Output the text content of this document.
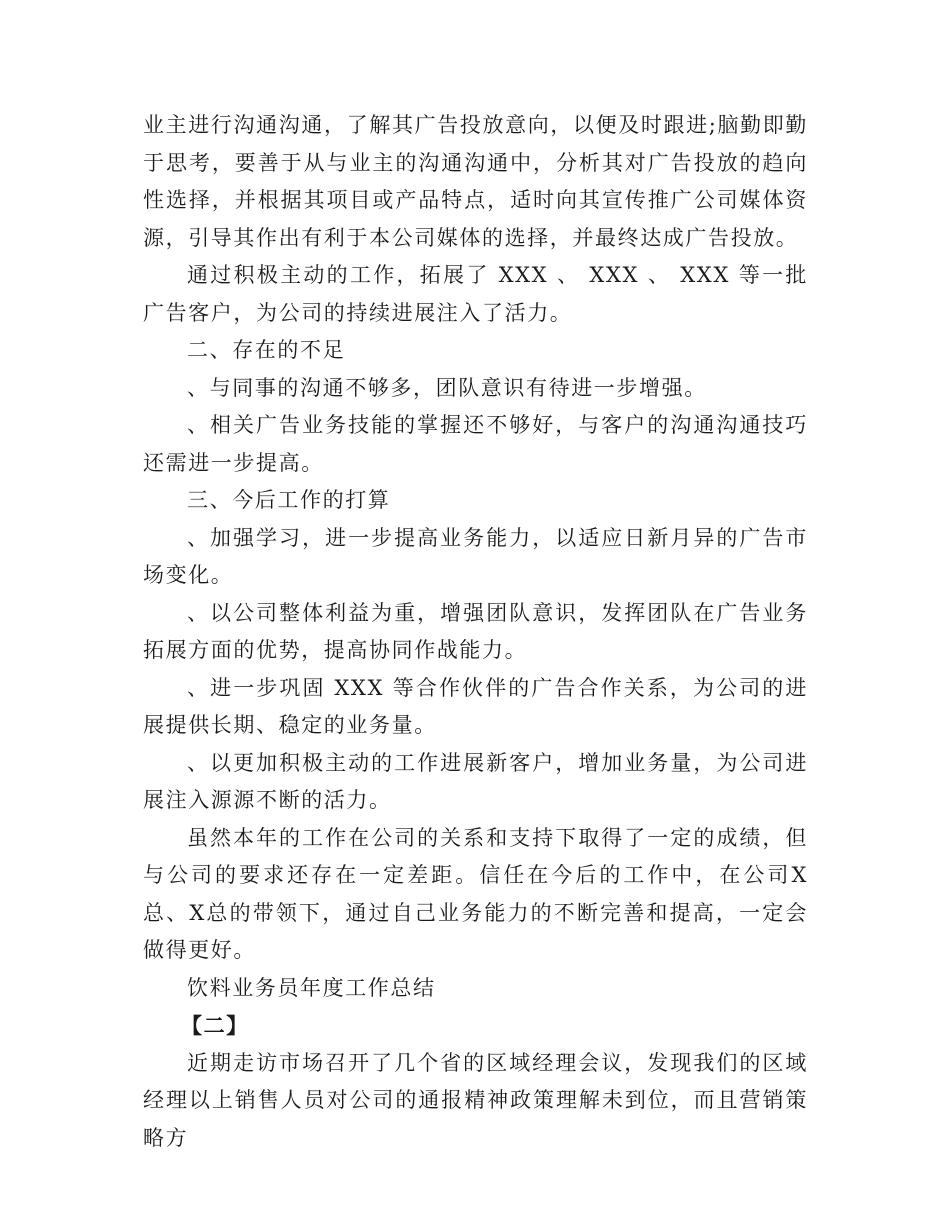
业主进行沟通沟通，了解其广告投放意向，以便及时跟进;脑勤即勤于思考，要善于从与业主的沟通沟通中，分析其对广告投放的趋向性选择，并根据其项目或产品特点，适时向其宣传推广公司媒体资源，引导其作出有利于本公司媒体的选择，并最终达成广告投放。

通过积极主动的工作，拓展了 XXX 、 XXX 、 XXX 等一批广告客户，为公司的持续进展注入了活力。

二、存在的不足

、与同事的沟通不够多，团队意识有待进一步增强。

、相关广告业务技能的掌握还不够好，与客户的沟通沟通技巧还需进一步提高。

三、今后工作的打算

、加强学习，进一步提高业务能力，以适应日新月异的广告市场变化。

、以公司整体利益为重，增强团队意识，发挥团队在广告业务拓展方面的优势，提高协同作战能力。

、进一步巩固 XXX 等合作伙伴的广告合作关系，为公司的进展提供长期、稳定的业务量。

、以更加积极主动的工作进展新客户，增加业务量，为公司进展注入源源不断的活力。

虽然本年的工作在公司的关系和支持下取得了一定的成绩，但与公司的要求还存在一定差距。信任在今后的工作中，在公司X总、X总的带领下，通过自己业务能力的不断完善和提高，一定会做得更好。

饮料业务员年度工作总结

【二】

近期走访市场召开了几个省的区域经理会议，发现我们的区域经理以上销售人员对公司的通报精神政策理解未到位，而且营销策略方
